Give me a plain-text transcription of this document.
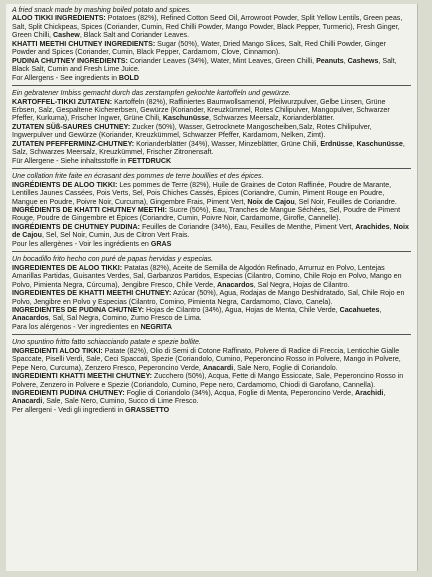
A fried snack made by mashing boiled potato and spices.

ALOO TIKKI INGREDIENTS: Potatoes (82%), Refined Cotton Seed Oil, Arrowroot Powder, Split Yellow Lentils, Green peas, Salt, Split Chickpeas, Spices (Coriander, Cumin, Red Chilli Powder, Mango Powder, Black Pepper, Turmeric), Fresh Ginger, Green Chilli, Cashew, Black Salt and Coriander Leaves.

KHATTI MEETHI CHUTNEY INGREDIENTS: Sugar (50%), Water, Dried Mango Slices, Salt, Red Chilli Powder, Ginger Powder and Spices (Coriander, Cumin, Black Pepper, Cardamom, Clove, Cinnamon).

PUDINA CHUTNEY INGREDIENTS: Coriander Leaves (34%), Water, Mint Leaves, Green Chilli, Peanuts, Cashews, Salt, Black Salt, Cumin and Fresh Lime Juice.

For Allergens - See ingredients in BOLD

Ein gebratener Imbiss gemacht durch das zerstampfen gekochte kartoffeln und gewürze.

KARTOFFEL-TIKKI ZUTATEN: Kartoffeln (82%), Raffiniertes Baumwollsamenöl, Pfeilwurzpulver, Gelbe Linsen, Grüne Erbsen, Salz, Gespaltene Kichererbsen, Gewürze (Koriander, Kreuzkümmel, Rotes Chilipulver, Mangopulver, Schwarzer Pfeffer, Kurkuma), Frischer Ingwer, Grüne Chili, Kaschunüsse, Schwarzes Meersalz, Korianderblätter.

ZUTATEN SÜß-SAURES CHUTNEY: Zucker (50%), Wasser, Getrocknete Mangoscheiben,Salz, Rotes Chilipulver, Ingwerpulver und Gewürze (Koriander, Kreuzkümmel, Schwarzer Pfeffer, Kardamom, Nelken, Zimt).

ZUTATEN PFEFFERMINZ-CHUTNEY: Korianderblätter (34%), Wasser, Minzeblätter, Grüne Chili, Erdnüsse, Kaschunüsse, Salz, Schwarzes Meersalz, Kreuzkümmel, Frischer Zitronensaft.

Für Allergene - Siehe inhaltsstoffe in FETTDRUCK

Une collation frite faite en écrasant des pommes de terre bouillies et des épices.

INGRÉDIENTS DE ALOO TIKKI: Les pommes de Terre (82%), Huile de Graines de Coton Raffinée, Poudre de Marante, Lentilles Jaunes Cassées, Pois Verts, Sel, Pois Chiches Cassés, Épices (Coriandre, Cumin, Piment Rouge en Poudre, Mangue en Poudre, Poivre Noir, Curcuma), Gingembre Frais, Piment Vert, Noix de Cajou, Sel Noir, Feuilles de Coriandre.

INGRÉDIENTS DE KHATTI CHUTNEY MEETHI: Sucre (50%), Eau, Tranches de Mangue Séchées, Sel, Poudre de Piment Rouge, Poudre de Gingembre et Épices (Coriandre, Cumin, Poivre Noir, Cardamome, Girofle, Cannelle).

INGRÉDIENTS DE CHUTNEY PUDINA: Feuilles de Coriandre (34%), Eau, Feuilles de Menthe, Piment Vert, Arachides, Noix de Cajou, Sel, Sel Noir, Cumin, Jus de Citron Vert Frais.

Pour les allergènes - Voir les ingrédients en GRAS

Un bocadillo frito hecho con puré de papas hervidas y especias.

INGREDIENTES DE ALOO TIKKI: Patatas (82%), Aceite de Semilla de Algodón Refinado, Arrurruz en Polvo, Lentejas Amarillas Partidas, Guisantes Verdes, Sal, Garbanzos Partidos, Especias (Cilantro, Comino, Chile Rojo en Polvo, Mango en Polvo, Pimienta Negra, Cúrcuma), Jengibre Fresco, Chile Verde, Anacardos, Sal Negra, Hojas de Cilantro.

INGREDIENTES DE KHATTI MEETHI CHUTNEY: Azúcar (50%), Agua, Rodajas de Mango Deshidratado, Sal, Chile Rojo en Polvo, Jengibre en Polvo y Especias (Cilantro, Comino, Pimienta Negra, Cardamomo, Clavo, Canela).

INGREDIENTES DE PUDINA CHUTNEY: Hojas de Cilantro (34%), Agua, Hojas de Menta, Chile Verde, Cacahuetes, Anacardos, Sal, Sal Negra, Comino, Zumo Fresco de Lima.

Para los alérgenos - Ver ingredientes en NEGRITA

Uno spuntino fritto fatto schiacciando patate e spezie bollite.

INGREDIENTI ALOO TIKKI: Patate (82%), Olio di Semi di Cotone Raffinato, Polvere di Radice di Freccia, Lenticchie Gialle Spaccate, Piselli Verdi, Sale, Ceci Spaccati, Spezie (Coriandolo, Cumino, Peperoncino Rosso in Polvere, Mango in Polvere, Pepe Nero, Curcuma), Zenzero Fresco, Peperoncino Verde, Anacardi, Sale Nero, Foglie di Coriandolo.

INGREDIENTI KHATTI MEETHI CHUTNEY: Zucchero (50%), Acqua, Fette di Mango Essiccate, Sale, Peperoncino Rosso in Polvere, Zenzero in Polvere e Spezie (Coriandolo, Cumino, Pepe nero, Cardamomo, Chiodi di Garofano, Cannella).

INGREDIENTI PUDINA CHUTNEY: Foglie di Coriandolo (34%), Acqua, Foglie di Menta, Peperoncino Verde, Arachidi, Anacardi, Sale, Sale Nero, Cumino, Succo di Lime Fresco.

Per allergeni - Vedi gli ingredienti in GRASSETTO
